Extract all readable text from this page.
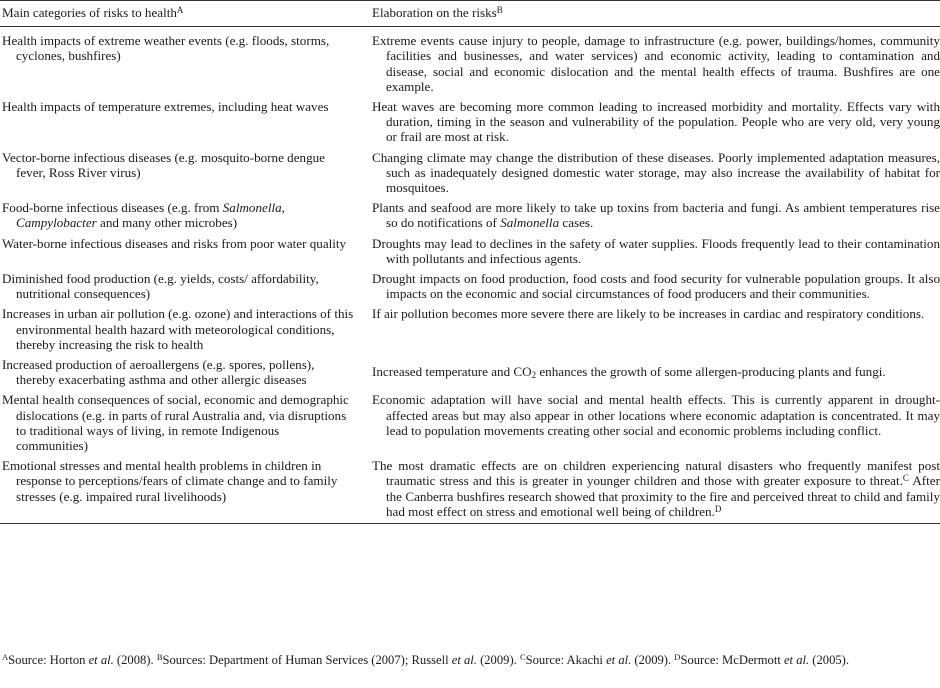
Main categories of risks to health$^A$	Elaboration on the risks$^B$

Health impacts of extreme weather events (e.g. floods, storms, cyclones, bushfires)	Extreme events cause injury to people, damage to infrastructure (e.g. power, buildings/homes, community facilities and businesses, and water services) and economic activity, leading to contamination and disease, social and economic dislocation and the mental health effects of trauma. Bushfires are one example.

Health impacts of temperature extremes, including heat waves	Heat waves are becoming more common leading to increased morbidity and mortality. Effects vary with duration, timing in the season and vulnerability of the population. People who are very old, very young or frail are most at risk.

Vector-borne infectious diseases (e.g. mosquito-borne dengue fever, Ross River virus)	Changing climate may change the distribution of these diseases. Poorly implemented adaptation measures, such as inadequately designed domestic water storage, may also increase the availability of habitat for mosquitoes.

Food-borne infectious diseases (e.g. from Salmonella, Campylobacter and many other microbes)	Plants and seafood are more likely to take up toxins from bacteria and fungi. As ambient temperatures rise so do notifications of Salmonella cases.

Water-borne infectious diseases and risks from poor water quality	Droughts may lead to declines in the safety of water supplies. Floods frequently lead to their contamination with pollutants and infectious agents.

Diminished food production (e.g. yields, costs/ affordability, nutritional consequences)	Drought impacts on food production, food costs and food security for vulnerable population groups. It also impacts on the economic and social circumstances of food producers and their communities.

Increases in urban air pollution (e.g. ozone) and interactions of this environmental health hazard with meteorological conditions, thereby increasing the risk to health	If air pollution becomes more severe there are likely to be increases in cardiac and respiratory conditions.

Increased production of aeroallergens (e.g. spores, pollens), thereby exacerbating asthma and other allergic diseases	Increased temperature and $CO_2$ enhances the growth of some allergen-producing plants and fungi.

Mental health consequences of social, economic and demographic dislocations (e.g. in parts of rural Australia and, via disruptions to traditional ways of living, in remote Indigenous communities)	Economic adaptation will have social and mental health effects. This is currently apparent in drought-affected areas but may also appear in other locations where economic adaptation is concentrated. It may lead to population movements creating other social and economic problems including conflict.

Emotional stresses and mental health problems in children in response to perceptions/fears of climate change and to family stresses (e.g. impaired rural livelihoods)	The most dramatic effects are on children experiencing natural disasters who frequently manifest post traumatic stress and this is greater in younger children and those with greater exposure to threat.$^C$ After the Canberra bushfires research showed that proximity to the fire and perceived threat to child and family had most effect on stress and emotional well being of children.$^D$
$^A$Source: Horton et al. (2008). $^B$Sources: Department of Human Services (2007); Russell et al. (2009). $^C$Source: Akachi et al. (2009). $^D$Source: McDermott et al. (2005).
